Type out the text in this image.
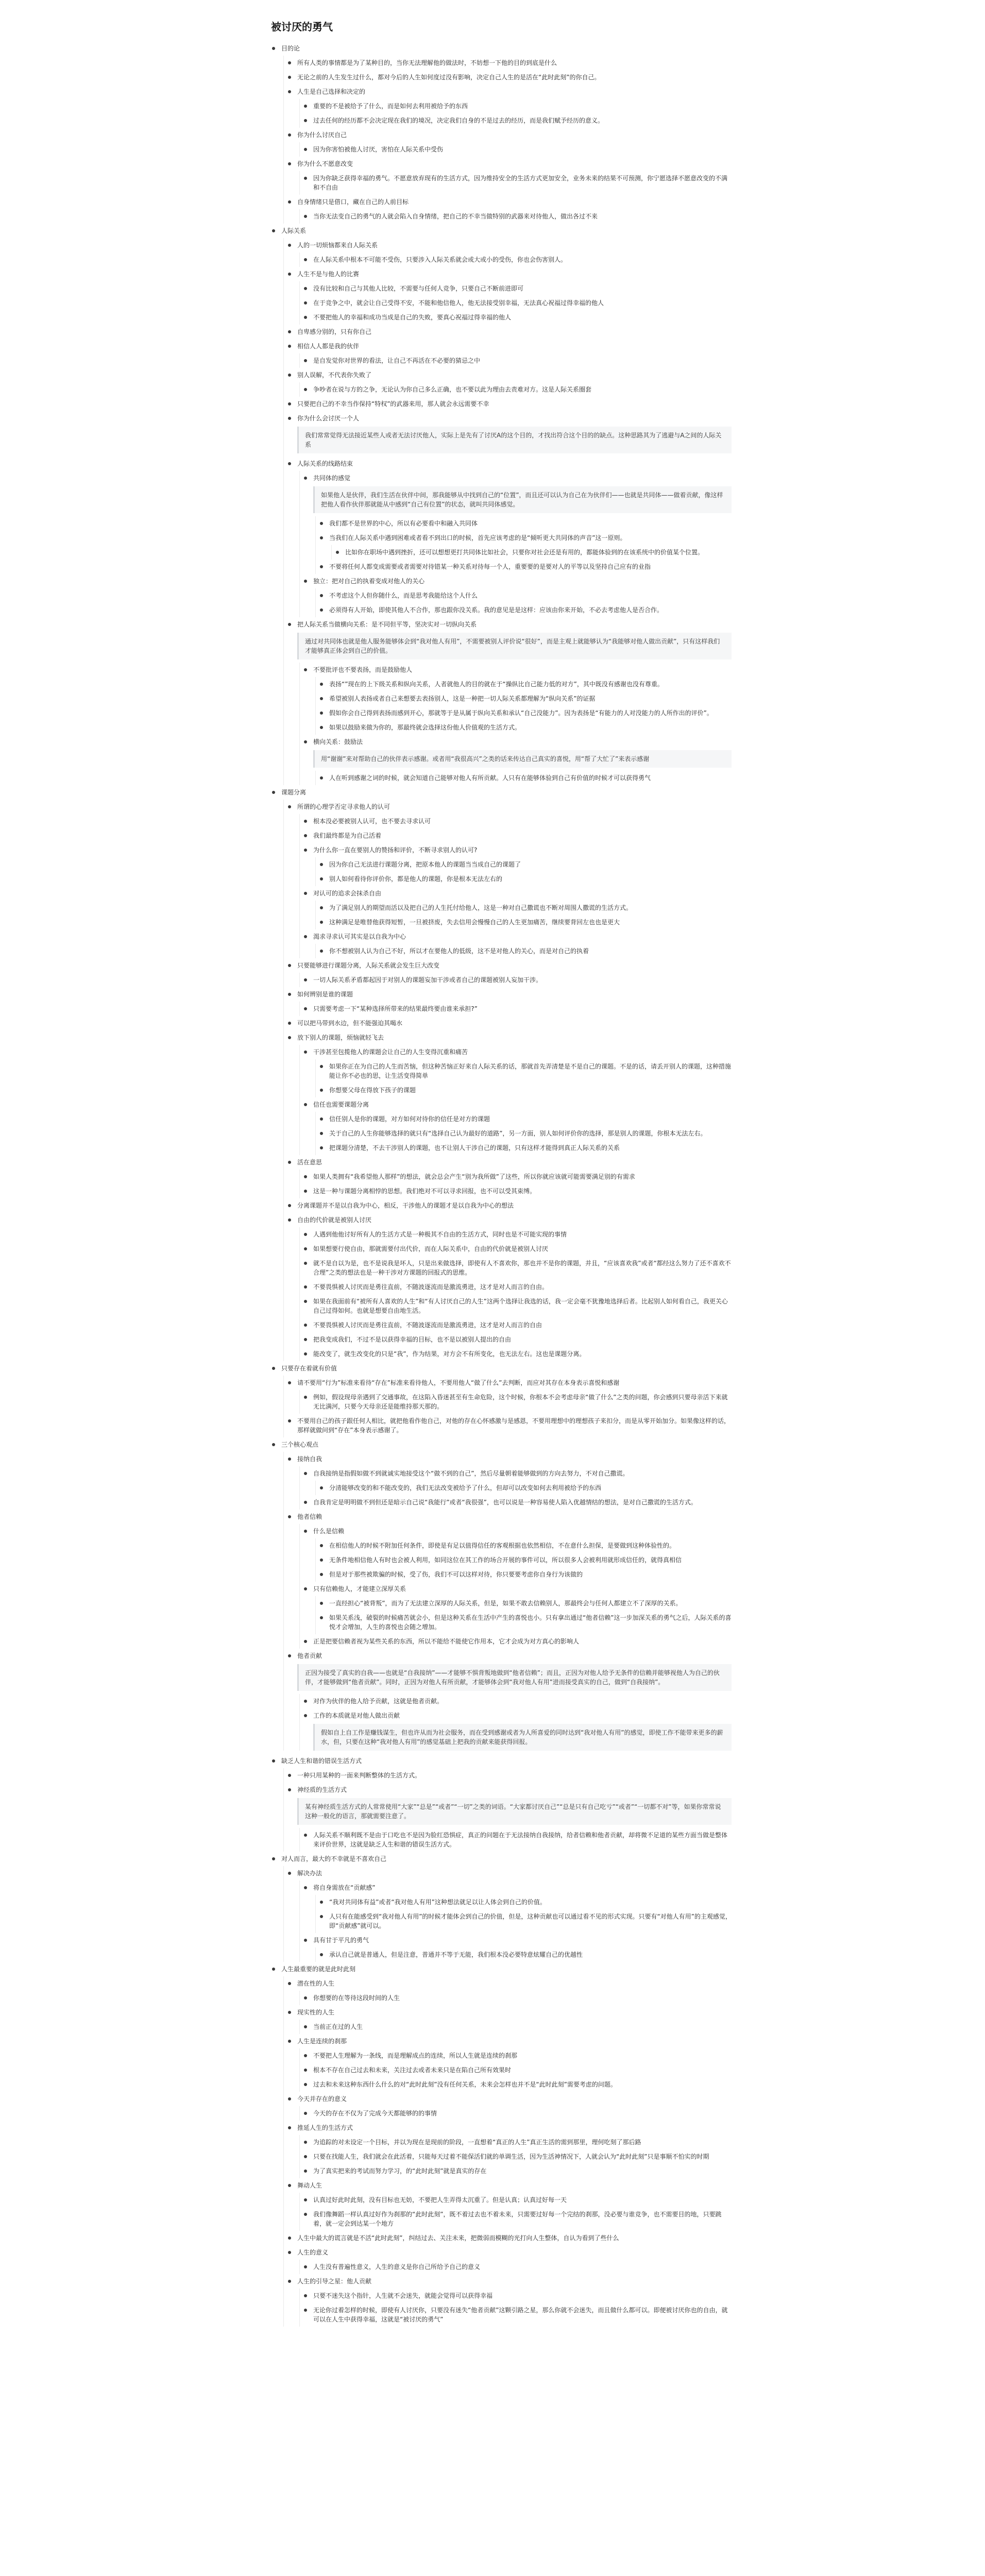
被讨厌的勇气
目的论
所有人类的事情都是为了某种目的，当你无法理解他的做法时，不妨想一下他的目的到底是什么
无论之前的人生发生过什么，都对今后的人生如何度过没有影响，决定自己人生的是活在“此时此刻”的你自己。
人生是自己选择和决定的
重要的不是被给予了什么，而是如何去利用被给予的东西
过去任何的经历都不会决定现在我们的境况，决定我们自身的不是过去的经历，而是我们赋予经历的意义。
你为什么讨厌自己
因为你害怕被他人讨厌，害怕在人际关系中受伤
你为什么不愿意改变
因为你缺乏获得幸福的勇气。不愿意放弃现有的生活方式，因为维持安全的生活方式更加安全，业务未来的结果不可预测，你宁愿选择不愿意改变的不满和不自由
自身情绪只是借口，藏在自己的人前目标
当你无法变自己的勇气的人就会陷入自身情绪，把自己的不幸当做特别的武器来对待他人，做出各过不来
人际关系
人的一切烦恼都来自人际关系
在人际关系中根本不可能不受伤，只要涉入人际关系就会或大或小的受伤，你也会伤害别人。
人生不是与他人的比赛
没有比较和自己与其他人比较，不需要与任何人竞争，只要自己不断前进即可
在于竞争之中，就会让自己受得不安，不能和他信他人，他无法接受别幸福，无法真心祝福过得幸福的他人
不要把他人的幸福和成功当成是自己的失败，要真心祝福过得幸福的他人
自卑感分别的，只有你自己
相信人人都是我的伙伴
是自发觉你对世界的看法，让自己不再活在不必要的猜忌之中
别人误解，不代表你失败了
争吵者在说与方的之争，无论认为你自己多么正确，也不要以此为理由去责难对方。这是人际关系圈套
只要把自己的不幸当作保持“特权”的武器来用，那人就会永远需要不幸
你为什么会讨厌一个人
我们常常觉得无法接近某些人或者无法讨厌他人，实际上是先有了讨厌A的这个目的，才找出符合这个目的的缺点。这种思路其为了逃避与A之间的人际关系
人际关系的线路结束
共同体的感觉
如果他人是伙伴，我们生活在伙伴中间，那我能够从中找到自己的“位置”，而且还可以认为自己在为伙伴们——也就是共同体——做着贡献，像这样把他人看作伙伴那就能从中感到“自己有位置”的状态，就叫共同体感觉。
我们都不是世界的中心，所以有必要看中和融入共同体
当我们在人际关系中遇到困难或者看不到出口的时候，首先应该考虑的是“倾听更大共同体的声音”这一原则。
比如你在职场中遇到挫折，还可以想想更打共同体比如社会，只要你对社会还是有用的，都能体验到的在该系统中的价值某个位置。
不要将任何人都变成需要或者需要对待错某一种关系对待每一个人，重要要的是要对人的平等以及坚持自己应有的业指
独立：把对自己的执着变成对他人的关心
不考虑这个人但你随什么，而是思考我能给这个人什么
必须得有人开始，即使其他人不合作，那也跟你没关系。我的意见是是这样：应该由你来开始，不必去考虑他人是否合作。
把人际关系当做横向关系：是不同但平等，坚决实对一切纵向关系
通过对共同体也就是他人服务能够体会到“我对他人有用”，不需要被别人评价说“很好”，而是主观上就能够认为“我能够对他人做出贡献”，只有这样我们才能够真正体会到自己的价值。
不要批评也不要表扬，而是鼓励他人
表扬“”现在的上下级关系和纵向关系，人者就他人的目的就在于“操纵比自己能力低的对方”，其中既没有感谢也没有尊重。
希望被别人表扬或者自己来想要去表扬别人，这是一种把一切人际关系都理解为“纵向关系”的证据
假如你会自己得到表扬而感到开心，那就等于是从属于纵向关系和承认“自己没能力”。因为表扬是“有能力的人对没能力的人所作出的评价”。
如果以鼓励来做为你的，那最终就会选择这份他人价值观的生活方式。
横向关系：鼓励法
用“谢谢”来对帮助自己的伙伴表示感谢。或者用“我很高兴”之类的话来传达自己真实的喜悦，用“帮了大忙了”来表示感谢
人在听到感谢之词的时候，就会知道自己能够对他人有所贡献。人只有在能够体验到自己有价值的时候才可以获得勇气
课题分离
所谓的心理学否定寻求他人的认可
根本没必要被别人认可，也不要去寻求认可
我们最终都是为自己活着
为什么你一直在要别人的赞扬和评价，不断寻求别人的认可?
因为你自己无法进行课题分离，把原本他人的课题当当成自己的课题了
别人如何看待你评价你，都是他人的课题，你是根本无法左右的
对认可的追求会抹杀自由
为了满足别人的期望而活以及把自己的人生托付给他人，这是一种对自己撒谎也不断对周围人撒谎的生活方式。
这种满足是唯替他获得短暂，一旦被挤废，失去信用会慢慢自己的人生更加痛苦，继续要背回左也也是更大
渴求寻求认可其实是以自我为中心
你不想被别人认为自己不好，所以才在要他人的低级，这不是对他人的关心，而是对自己的执着
只要能够进行课题分离，人际关系就会发生巨大改变
一切人际关系矛盾都起因于对别人的课题妄加干涉或者自己的课题被别人妄加干涉。
如何辨别是谁的课题
只需要考虑一下“某种选择所带来的结果最终要由谁来承担?”
可以把马带到水边，但不能强迫其喝水
放下别人的课题，烦恼就轻飞去
干涉甚至包揽他人的课题会让自己的人生变得沉重和痛苦
如果你正在为自己的人生而苦恼，但这种苦恼正好来自人际关系的话，那就首先弄清楚是不是自己的课题。不是的话，请丢开别人的课题，这种措施能让你不必也的思，让生活变得简单
你想要父母在得放下孩子的课题
信任也需要课题分离
信任别人是你的课题，对方如何对待你的信任是对方的课题
关于自己的人生你能够选择的就只有“选择自己认为最好的道路”，另一方面，别人如何评价你的选择，那是别人的课题，你根本无法左右。
把课题分清楚，不去干涉别人的课题，也不让别人干涉自己的课题，只有这样才能得到真正人际关系的关系
活在意思
如果人类拥有“我希望他人那样”的想法，就会总会产生“别为我所做”了这些，所以你就应该就可能需要满足别的有需求
这是一种与课题分离相悖的思想。我们绝对不可以寻求回报，也不可以受其束缚。
分离课题并不是以自我为中心，相反，干涉他人的课题才是以自我为中心的想法
自由的代价就是被别人讨厌
人遇到他他讨好所有人的生活方式是一种极其不自由的生活方式，同时也是不可能实现的事情
如果想要行使自由，那就需要付出代价，而在人际关系中，自由的代价就是被别人讨厌
就不是自以为是，也不是说我是坏人，只是出来做选择，即使有人不喜欢你，那也并不是你的课题，并且，“应该喜欢我”或者“都经这么努力了还不喜欢不合理”之类的想法也是一种干涉对方课题的回报式的思维。
不要畏惧被人讨厌而是勇往直前，不随波逐流而是激流勇进，这才是对人而言的自由。
如果在我面前有“被所有人喜欢的人生”和“有人讨厌自己的人生”这两个选择让我选的话，我一定会毫不犹豫地选择后者。比起别人如何看自己，我更关心自己过得如何。也就是想要自由地生活。
不要畏惧被人讨厌而是勇往直前，不随波逐流而是激流勇进，这才是对人而言的自由
把我变成我们，不过不是以获得幸福的目标，也不是以被别人提出的自由
能改变了，就生改变化的只是“我”，作为结果，对方会不有所变化，也无法左右。这也是课题分离。
只要存在着就有价值
请不要用“行为”标准来看待“存在”标准来看待他人，不要用他人“做了什么”去判断，而应对其存在本身表示喜悦和感谢
例如，假设现母亲遇到了交通事故，在这陷入昏迷甚至有生命危险，这个时候，你根本不会考虑母亲“做了什么”之类的问题，你会感到只要母亲活下来就无比满河，只要今天母亲还是能维持那天那的。
不要用自己的孩子跟任何人相比，就把他看作他自己，对他的存在心怀感激与是感恩，不要用理想中的理想孩子来扣分，而是从零开始加分。如果像这样的话，那样就做问到“存在”本身表示感谢了。
三个核心观点
接纳自我
自我接纳是指假如做不到就诚实地接受这个“做不到的自己”，然后尽量朝着能够做到的方向去努力，不对自己撒谎。
分清能够改变的和不能改变的，我们无法改变被给予了什么，但却可以改变如何去利用被给予的东西
自我肯定是明明做不到但还是暗示自己说“我能行”或者“我很强”，也可以说是一种容易使人陷入优越情结的想法，是对自己撒谎的生活方式。
他者信赖
什么是信赖
在相信他人的时候不附加任何条件，即使是有足以值得信任的客观根据也依然相信，不在意什么担保，是要做到这种体验性的。
无条件地相信他人有时也会被人利用，如同这位在其工作的场合开展的事件可以，所以很多人会被利用就形成信任的，就得真相信
但是对于那些被欺骗的时候，受了伤，我们不可以这样对待，你只要要考虑你自身行为该做的
只有信赖他人，才能建立深厚关系
一直经担心“被背叛”，而为了无法建立深厚的人际关系，但是，如果不敢去信赖别人，那最终会与任何人都建立不了深厚的关系。
如果关系浅，破裂的时候痛苦就会小，但是这种关系在生活中产生的喜悦也小。只有拿出通过“他者信赖”这一步加深关系的勇气之后，人际关系的喜悦才会增加，人生的喜悦也会随之增加。
正是把要信赖者视为某些关系的东西，所以不能给不能使它作用本，它才会成为对方真心的影响人
他者贡献
正因为接受了真实的自我——也就是“自我接纳”——才能够不惧背叛地做到“他者信赖”；而且，正因为对他人给予无条件的信赖并能够视他人为自己的伙伴，才能够做到“他者贡献”。同时，正因为对他人有所贡献，才能够体会到“我对他人有用”进而接受真实的自己，做到“自我接纳”。
对作为伙伴的他人给予贡献，这就是他者贡献。
工作的本质就是对他人做出贡献
假如自上自工作是赚钱谋生，但也许从而为社会服务，而在受到感谢或者为人所喜爱的同时达到“我对他人有用”的感觉，即使工作不能带来更多的薪水，但，只要在这种“我对他人有用”的感觉基础上把我的贡献来能获得回报。
缺乏人生和谐的错误生活方式
一种只用某种的一面来判断整体的生活方式。
神经质的生活方式
某有神经质生活方式的人常常使用“大家”“总是”“或者”“一切”之类的词语。“大家都讨厌自己”“总是只有自己吃亏”“或者”“一切都不对”等，如果你常常说这种一般化的语言，那就需要注意了。
人际关系不顺利既不是由于口吃也不是因为脸红恐惧症，真正的问题在于无法接纳自我接纳，给者信赖和他者贡献，却将微不足道的某些方面当做是整体来评价世界，这就是缺乏人生和谐的错误生活方式。
对人而言，最大的不幸就是不喜欢自己
解决办法
将自身需放在“贡献感”
“我对共同体有益”或者“我对他人有用”这种想法就足以让人体会到自己的价值。
人只有在能感受到“我对他人有用”的时候才能体会到自己的价值，但是，这种贡献也可以通过看不见的形式实现。只要有“对他人有用”的主观感觉，即“贡献感”就可以。
具有甘于平凡的勇气
承认自己就是普通人，但是注意，普通并不等于无能，我们根本没必要特意炫耀自己的优越性
人生最重要的就是此时此刻
潜在性的人生
你想要的在等待这段时间的人生
现实性的人生
当前正在过的人生
人生是连续的刹那
不要把人生理解为一条线，而是理解成点的连续，所以人生就是连续的刹那
根本不存在自己过去和未来，关注过去或者未来只是在陷自己所有效果时
过去和未来这种东西什么什么的对“此时此刻”没有任何关系，未来会怎样也并不是“此时此刻”需要考虑的问题。
今天并存在的意义
今天的存在不仅为了完成今天都能够的的事情
推延人生的生活方式
为追踪的对未设定一个目标，并以为现在是现前的阶段，一直想着“真正的人生”真正生活的需到那里，理何吃刻了那后路
只要在找能人生，我们就会在此活着，只能每天过着不能保活们就的单调生活，因为生活神情况下，人就会认为“此时此刻”只是事顺不怕实的时期
为了真实把来的考试而努力学习，的“此时此刻”就是真实的存在
舞动人生
认真过好此时此刻，没有目标也无妨，不要把人生弄得太沉重了。但是认真；认真过好每一天
我们像舞蹈一样认真过好作为刹那的“此时此刻”，既不着过去也不着未来，只需要过好每一个完结的刹那，没必要与谁竞争，也不需要目的地，只要跳着，就一定会到达某一个地方
人生中最大的谎言就是不活“此时此刻”，纠结过去、关注未来，把微弱而模糊的光打向人生整体，自认为看到了些什么
人生的意义
人生没有普遍性意义，人生的意义是你自己所给予自己的意义
人生的引导之星：他人贡献
只要不迷失这个指针，人生就不会迷失，就能会觉得可以获得幸福
无论你过着怎样的时候，即使有人讨厌你，只要没有迷失“他者贡献”这颗引路之星，那么你就不会迷失，而且做什么都可以。即便被讨厌你也的自由，就可以在人生中获得幸福，这就是“被讨厌的勇气”
